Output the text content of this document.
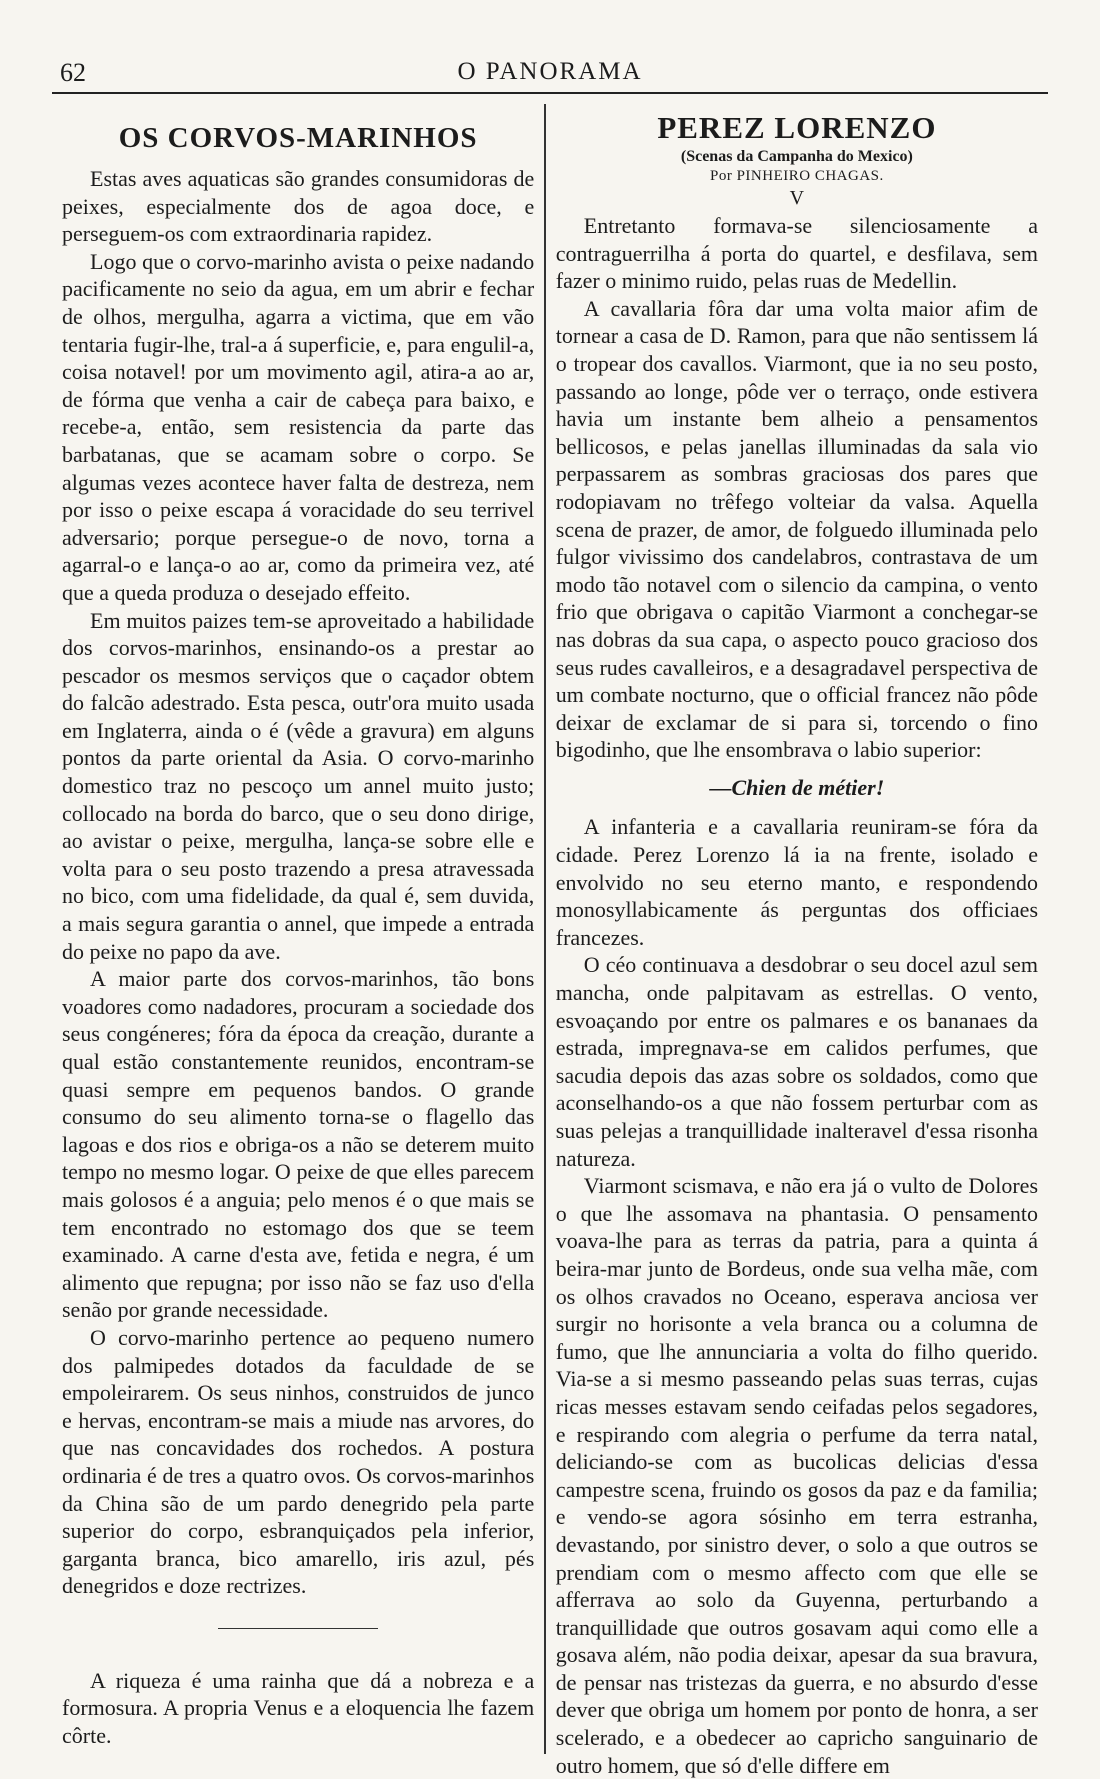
62	O PANORAMA
OS CORVOS-MARINHOS

Estas aves aquaticas são grandes consumidoras de peixes, especialmente dos de agoa doce, e perseguem-os com extraordinaria rapidez.

Logo que o corvo-marinho avista o peixe nadando pacificamente no seio da agua, em um abrir e fechar de olhos, mergulha, agarra a victima, que em vão tentaria fugir-lhe, tral-a á superficie, e, para engulil-a, coisa notavel! por um movimento agil, atira-a ao ar, de fórma que venha a cair de cabeça para baixo, e recebe-a, então, sem resistencia da parte das barbatanas, que se acamam sobre o corpo. Se algumas vezes acontece haver falta de destreza, nem por isso o peixe escapa á voracidade do seu terrivel adversario; porque persegue-o de novo, torna a agarral-o e lança-o ao ar, como da primeira vez, até que a queda produza o desejado effeito.

Em muitos paizes tem-se aproveitado a habilidade dos corvos-marinhos, ensinando-os a prestar ao pescador os mesmos serviços que o caçador obtem do falcão adestrado. Esta pesca, outr'ora muito usada em Inglaterra, ainda o é (vêde a gravura) em alguns pontos da parte oriental da Asia. O corvo-marinho domestico traz no pescoço um annel muito justo; collocado na borda do barco, que o seu dono dirige, ao avistar o peixe, mergulha, lança-se sobre elle e volta para o seu posto trazendo a presa atravessada no bico, com uma fidelidade, da qual é, sem duvida, a mais segura garantia o annel, que impede a entrada do peixe no papo da ave.

A maior parte dos corvos-marinhos, tão bons voadores como nadadores, procuram a sociedade dos seus congéneres; fóra da época da creação, durante a qual estão constantemente reunidos, encontram-se quasi sempre em pequenos bandos. O grande consumo do seu alimento torna-se o flagello das lagoas e dos rios e obriga-os a não se deterem muito tempo no mesmo logar. O peixe de que elles parecem mais golosos é a anguia; pelo menos é o que mais se tem encontrado no estomago dos que se teem examinado. A carne d'esta ave, fetida e negra, é um alimento que repugna; por isso não se faz uso d'ella senão por grande necessidade.

O corvo-marinho pertence ao pequeno numero dos palmipedes dotados da faculdade de se empoleirarem. Os seus ninhos, construidos de junco e hervas, encontram-se mais a miude nas arvores, do que nas concavidades dos rochedos. A postura ordinaria é de tres a quatro ovos. Os corvos-marinhos da China são de um pardo denegrido pela parte superior do corpo, esbranquiçados pela inferior, garganta branca, bico amarello, iris azul, pés denegridos e doze rectrizes.

A riqueza é uma rainha que dá a nobreza e a formosura. A propria Venus e a eloquencia lhe fazem côrte.

PEREZ LORENZO

(Scenas da Campanha do Mexico)

Por PINHEIRO CHAGAS.

V

Entretanto formava-se silenciosamente a contraguerrilha á porta do quartel, e desfilava, sem fazer o minimo ruido, pelas ruas de Medellin.

A cavallaria fôra dar uma volta maior afim de tornear a casa de D. Ramon, para que não sentissem lá o tropear dos cavallos. Viarmont, que ia no seu posto, passando ao longe, pôde ver o terraço, onde estivera havia um instante bem alheio a pensamentos bellicosos, e pelas janellas illuminadas da sala vio perpassarem as sombras graciosas dos pares que rodopiavam no trêfego volteiar da valsa. Aquella scena de prazer, de amor, de folguedo illuminada pelo fulgor vivissimo dos candelabros, contrastava de um modo tão notavel com o silencio da campina, o vento frio que obrigava o capitão Viarmont a conchegar-se nas dobras da sua capa, o aspecto pouco gracioso dos seus rudes cavalleiros, e a desagradavel perspectiva de um combate nocturno, que o official francez não pôde deixar de exclamar de si para si, torcendo o fino bigodinho, que lhe ensombrava o labio superior:

—Chien de métier!

A infanteria e a cavallaria reuniram-se fóra da cidade. Perez Lorenzo lá ia na frente, isolado e envolvido no seu eterno manto, e respondendo monosyllabicamente ás perguntas dos officiaes francezes.

O céo continuava a desdobrar o seu docel azul sem mancha, onde palpitavam as estrellas. O vento, esvoaçando por entre os palmares e os bananaes da estrada, impregnava-se em calidos perfumes, que sacudia depois das azas sobre os soldados, como que aconselhando-os a que não fossem perturbar com as suas pelejas a tranquillidade inalteravel d'essa risonha natureza.

Viarmont scismava, e não era já o vulto de Dolores o que lhe assomava na phantasia. O pensamento voava-lhe para as terras da patria, para a quinta á beira-mar junto de Bordeus, onde sua velha mãe, com os olhos cravados no Oceano, esperava anciosa ver surgir no horisonte a vela branca ou a columna de fumo, que lhe annunciaria a volta do filho querido. Via-se a si mesmo passeando pelas suas terras, cujas ricas messes estavam sendo ceifadas pelos segadores, e respirando com alegria o perfume da terra natal, deliciando-se com as bucolicas delicias d'essa campestre scena, fruindo os gosos da paz e da familia; e vendo-se agora sósinho em terra estranha, devastando, por sinistro dever, o solo a que outros se prendiam com o mesmo affecto com que elle se afferrava ao solo da Guyenna, perturbando a tranquillidade que outros gosavam aqui como elle a gosava além, não podia deixar, apesar da sua bravura, de pensar nas tristezas da guerra, e no absurdo d'esse dever que obriga um homem por ponto de honra, a ser scelerado, e a obedecer ao capricho sanguinario de outro homem, que só d'elle differe em
